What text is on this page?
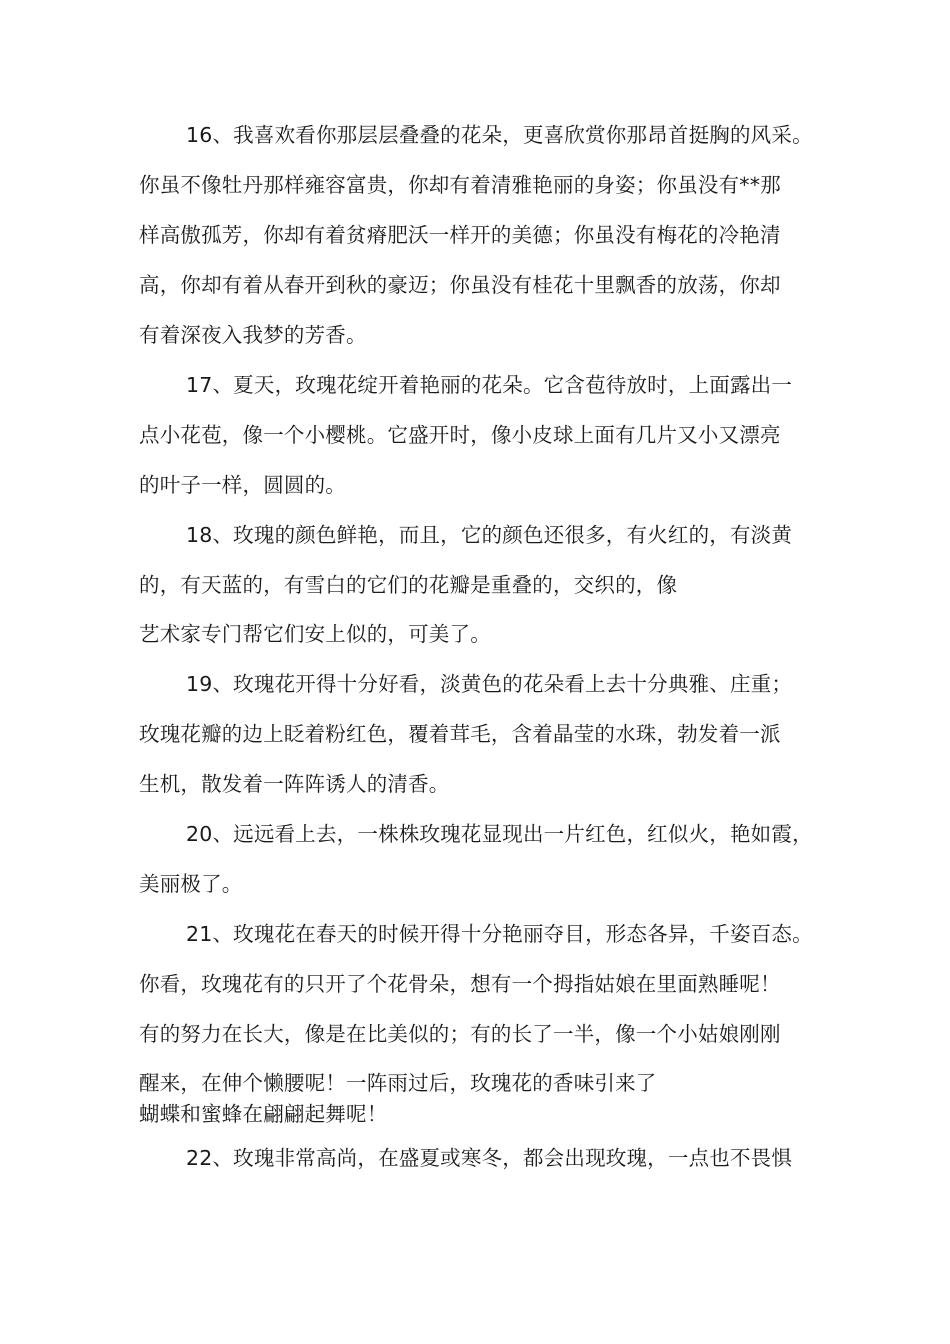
16、我喜欢看你那层层叠叠的花朵，更喜欣赏你那昂首挺胸的风采。
你虽不像牡丹那样雍容富贵，你却有着清雅艳丽的身姿；你虽没有**那
样高傲孤芳，你却有着贫瘠肥沃一样开的美德；你虽没有梅花的冷艳清
高，你却有着从春开到秋的豪迈；你虽没有桂花十里飘香的放荡，你却
有着深夜入我梦的芳香。
17、夏天，玫瑰花绽开着艳丽的花朵。它含苞待放时，上面露出一
点小花苞，像一个小樱桃。它盛开时，像小皮球上面有几片又小又漂亮
的叶子一样，圆圆的。
18、玫瑰的颜色鲜艳，而且，它的颜色还很多，有火红的，有淡黄
的，有天蓝的，有雪白的它们的花瓣是重叠的，交织的，像
艺术家专门帮它们安上似的，可美了。
19、玫瑰花开得十分好看，淡黄色的花朵看上去十分典雅、庄重；
玫瑰花瓣的边上眨着粉红色，覆着茸毛，含着晶莹的水珠，勃发着一派
生机，散发着一阵阵诱人的清香。
20、远远看上去，一株株玫瑰花显现出一片红色，红似火，艳如霞，
美丽极了。
21、玫瑰花在春天的时候开得十分艳丽夺目，形态各异，千姿百态。
你看，玫瑰花有的只开了个花骨朵，想有一个拇指姑娘在里面熟睡呢！
有的努力在长大，像是在比美似的；有的长了一半，像一个小姑娘刚刚
醒来，在伸个懒腰呢！一阵雨过后，玫瑰花的香味引来了
蝴蝶和蜜蜂在翩翩起舞呢！
22、玫瑰非常高尚，在盛夏或寒冬，都会出现玫瑰，一点也不畏惧
